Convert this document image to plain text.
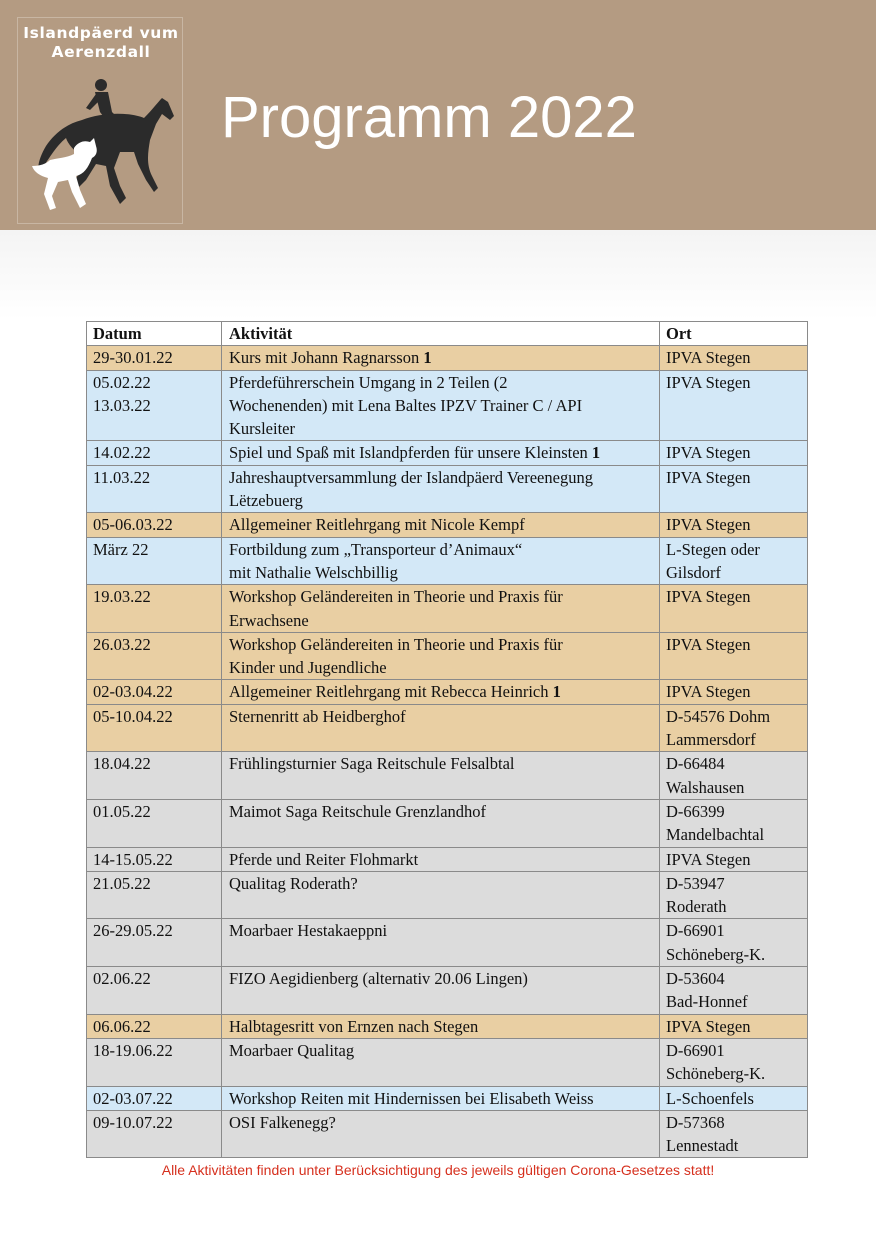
Islandpäerd vum
Aerenzdall
Programm 2022
Datum	Aktivität	Ort

29-30.01.22	Kurs mit Johann Ragnarsson 1	IPVA Stegen

05.02.22
13.03.22	Pferdeführerschein Umgang in 2 Teilen (2
Wochenenden) mit Lena Baltes IPZV Trainer C / API
Kursleiter	IPVA Stegen

14.02.22	Spiel und Spaß mit Islandpferden für unsere Kleinsten 1	IPVA Stegen

11.03.22	Jahreshauptversammlung der Islandpäerd Vereenegung
Lëtzebuerg	IPVA Stegen

05-06.03.22	Allgemeiner Reitlehrgang mit Nicole Kempf	IPVA Stegen

März 22	Fortbildung zum „Transporteur d’Animaux“
mit Nathalie Welschbillig	L-Stegen oder
Gilsdorf

19.03.22	Workshop Geländereiten in Theorie und Praxis für
Erwachsene	IPVA Stegen

26.03.22	Workshop Geländereiten in Theorie und Praxis für
Kinder und Jugendliche	IPVA Stegen

02-03.04.22	Allgemeiner Reitlehrgang mit Rebecca Heinrich 1	IPVA Stegen

05-10.04.22	Sternenritt ab Heidberghof	D-54576 Dohm
Lammersdorf

18.04.22	Frühlingsturnier Saga Reitschule Felsalbtal	D-66484
Walshausen

01.05.22	Maimot Saga Reitschule Grenzlandhof	D-66399
Mandelbachtal

14-15.05.22	Pferde und Reiter Flohmarkt	IPVA Stegen

21.05.22	Qualitag Roderath?	D-53947
Roderath

26-29.05.22	Moarbaer Hestakaeppni	D-66901
Schöneberg-K.

02.06.22	FIZO Aegidienberg (alternativ 20.06 Lingen)	D-53604
Bad-Honnef

06.06.22	Halbtagesritt von Ernzen nach Stegen	IPVA Stegen

18-19.06.22	Moarbaer Qualitag	D-66901
Schöneberg-K.

02-03.07.22	Workshop Reiten mit Hindernissen bei Elisabeth Weiss	L-Schoenfels

09-10.07.22	OSI Falkenegg?	D-57368
Lennestadt
Alle Aktivitäten finden unter Berücksichtigung des jeweils gültigen Corona-Gesetzes statt!
